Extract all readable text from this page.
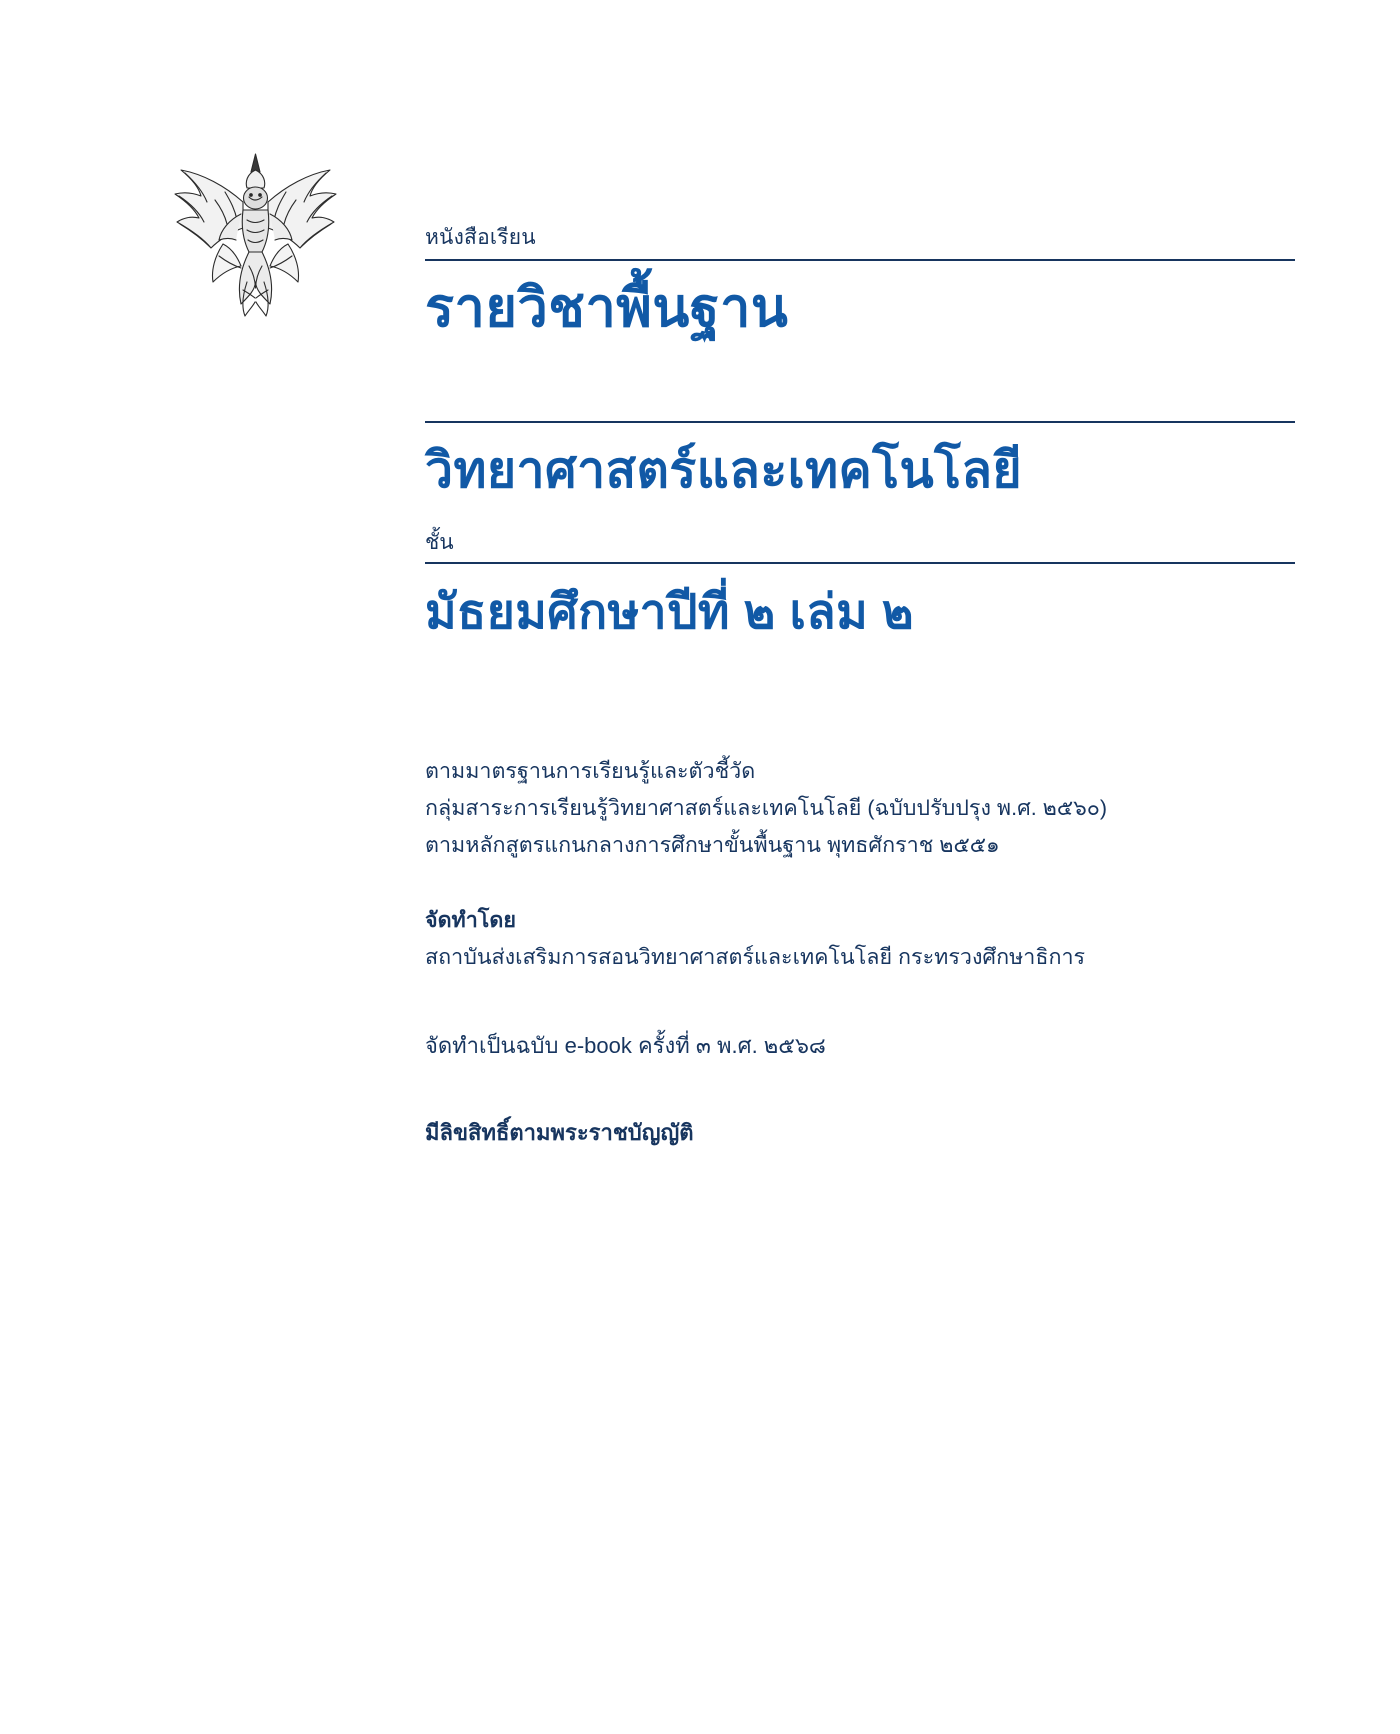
หนังสือเรียน
รายวิชาพื้นฐาน
วิทยาศาสตร์และเทคโนโลยี
ชั้น
มัธยมศึกษาปีที่ ๒ เล่ม ๒
ตามมาตรฐานการเรียนรู้และตัวชี้วัด
กลุ่มสาระการเรียนรู้วิทยาศาสตร์และเทคโนโลยี (ฉบับปรับปรุง พ.ศ. ๒๕๖๐)
ตามหลักสูตรแกนกลางการศึกษาขั้นพื้นฐาน พุทธศักราช ๒๕๕๑
จัดทำโดย
สถาบันส่งเสริมการสอนวิทยาศาสตร์และเทคโนโลยี กระทรวงศึกษาธิการ
จัดทำเป็นฉบับ e-book ครั้งที่ ๓ พ.ศ. ๒๕๖๘
มีลิขสิทธิ์ตามพระราชบัญญัติ
